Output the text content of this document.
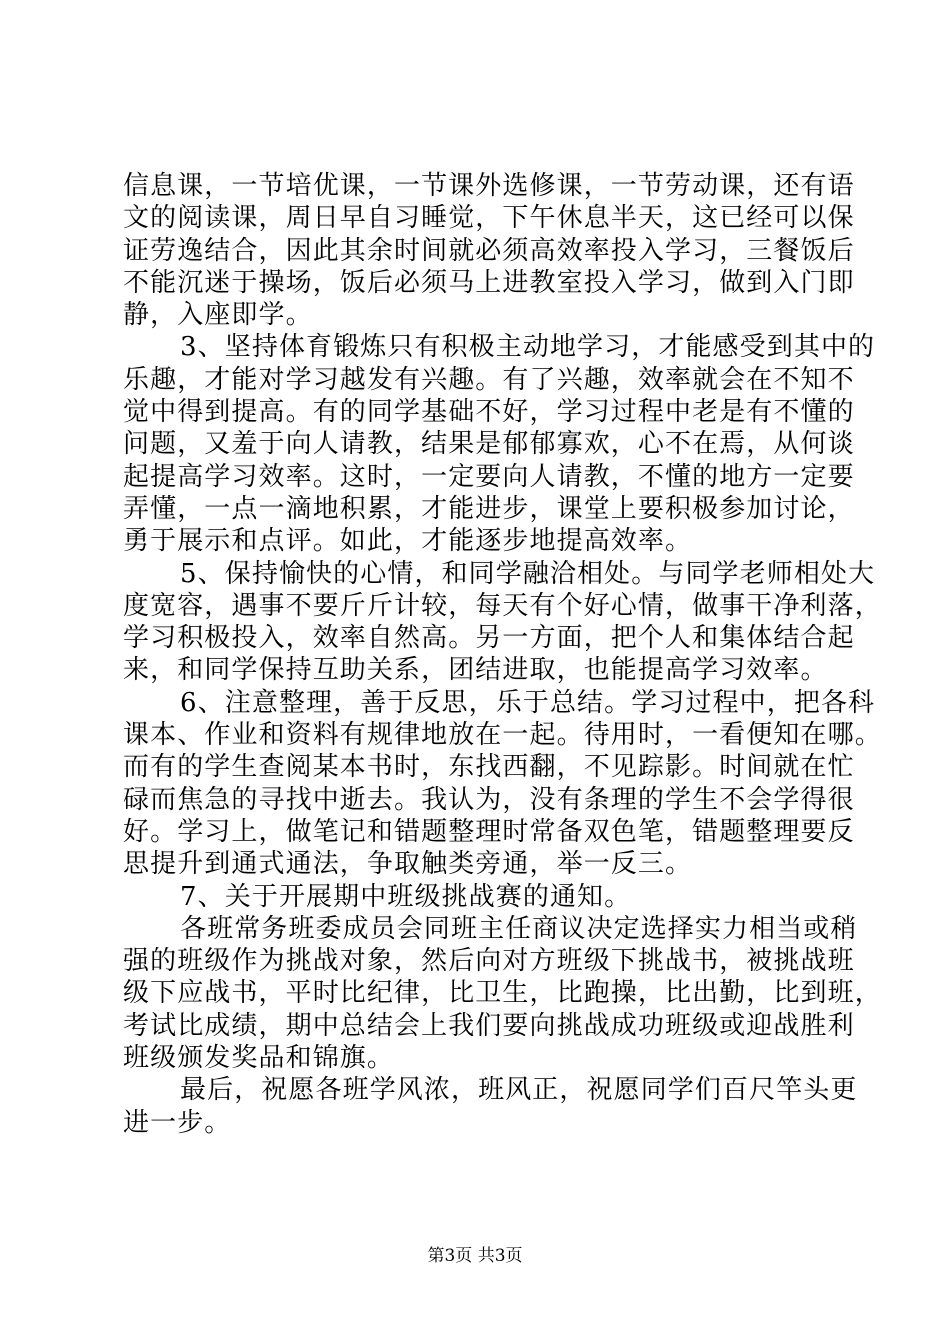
信息课，一节培优课，一节课外选修课，一节劳动课，还有语
文的阅读课，周日早自习睡觉，下午休息半天，这已经可以保
证劳逸结合，因此其余时间就必须高效率投入学习，三餐饭后
不能沉迷于操场，饭后必须马上进教室投入学习，做到入门即
静，入座即学。
3、坚持体育锻炼只有积极主动地学习，才能感受到其中的
乐趣，才能对学习越发有兴趣。有了兴趣，效率就会在不知不
觉中得到提高。有的同学基础不好，学习过程中老是有不懂的
问题，又羞于向人请教，结果是郁郁寡欢，心不在焉，从何谈
起提高学习效率。这时，一定要向人请教，不懂的地方一定要
弄懂，一点一滴地积累，才能进步，课堂上要积极参加讨论，
勇于展示和点评。如此，才能逐步地提高效率。
5、保持愉快的心情，和同学融洽相处。与同学老师相处大
度宽容，遇事不要斤斤计较，每天有个好心情，做事干净利落，
学习积极投入，效率自然高。另一方面，把个人和集体结合起
来，和同学保持互助关系，团结进取，也能提高学习效率。
6、注意整理，善于反思，乐于总结。学习过程中，把各科
课本、作业和资料有规律地放在一起。待用时，一看便知在哪。
而有的学生查阅某本书时，东找西翻，不见踪影。时间就在忙
碌而焦急的寻找中逝去。我认为，没有条理的学生不会学得很
好。学习上，做笔记和错题整理时常备双色笔，错题整理要反
思提升到通式通法，争取触类旁通，举一反三。
7、关于开展期中班级挑战赛的通知。
各班常务班委成员会同班主任商议决定选择实力相当或稍
强的班级作为挑战对象，然后向对方班级下挑战书，被挑战班
级下应战书，平时比纪律，比卫生，比跑操，比出勤，比到班，
考试比成绩，期中总结会上我们要向挑战成功班级或迎战胜利
班级颁发奖品和锦旗。
最后，祝愿各班学风浓，班风正，祝愿同学们百尺竿头更
进一步。
第3页 共3页
